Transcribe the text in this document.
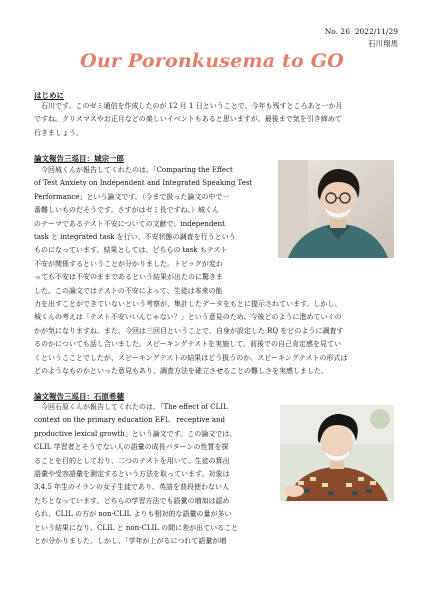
No. 26 2022/11/29
石川翔馬
Our Poronkusema to GO
はじめに

石川です。このゼミ通信を作成したのが 12 月 1 日ということで、今年も残すところあと一か月

ですね。クリスマスやお正月などの楽しいイベントもあると思いますが、最後まで気を引き締めて

行きましょう。

論文報告三巡目：城宗一郎

今回城くんが報告してくれたのは、「Comparing the Effect

of Test Anxiety on Independent and Integrated Speaking Test

Performance」という論文です。（今まで扱った論文の中で一

番難しいものだそうです。さすがはゼミ長ですね。）城くん

のテーマであるテスト不安についての文献で、independent

task と integrated task を行い、不安状態の調査を行うという

ものになっています。結果としては、どちらの task もテスト

不安が関係するということが分かりました。トピックが変わ

っても不安は不安のままであるという結果が出たのに驚きま

した。この論文ではテストの不安によって、生徒は本来の能

力を出すことができていないという考察が、集計したデータをもとに提示されています。しかし、

城くんの考えは「テスト不安いいんじゃない？」という意見のため、今後どのように進めていくの

かが気になりますね。また、今回は三回目ということで、自身が設定した RQ をどのように調査す

るのかについても話し合いました。スピーキングテストを実施して、前後での自己肯定感を見てい

くというこことでしたが、スピーキングテストの結果はどう扱うのか、スピーキングテストの形式は

どのようなものかといった意見もあり、調査方法を確立させることの難しさを実感しました。

論文報告三巡目：石原希穂

今回石原くんが報告してくれたのは、「The effect of CLIL

context on the primary education EFL　receptive and

productive lexical growth」という論文です。この論文では、

CLIL 学習者とそうでない人の語彙の成長パターンの性質を探

ることを目的としており、二つのテストを用いて、生徒の算出

語彙や受容語彙を測定するという方法を取っています。対象は

3,4,5 年生のイランの女子生徒であり、英語を普段使わない人

たちとなっています。どちらの学習方法でも語彙の増加は認め

られ、CLIL の方が non-CLIL よりも相対的な語彙の量が多い

という結果になり、CLIL と non-CLIL の間に差が出ていること

とが分かりました。しかし、「学年が上がるにつれて語彙が増
